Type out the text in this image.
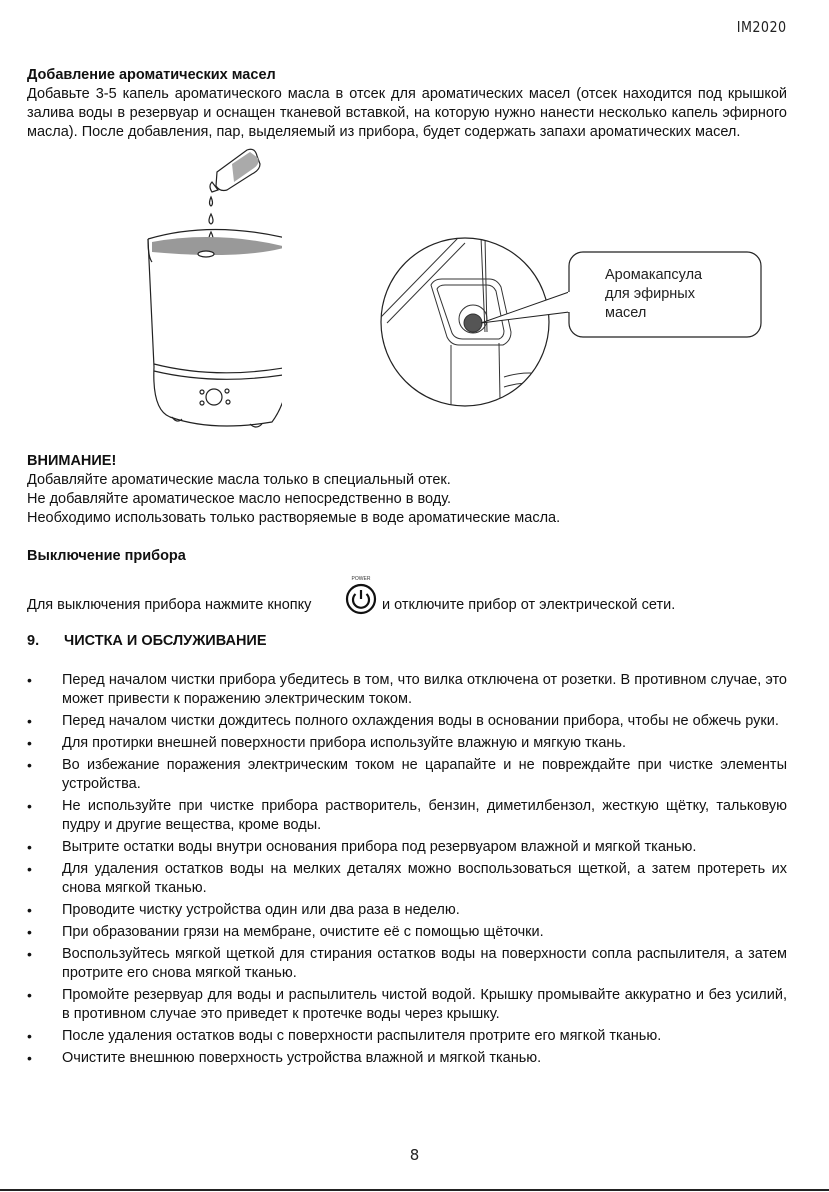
IM2020
Добавление ароматических масел
Добавьте 3-5 капель ароматического масла в отсек для ароматических масел (отсек находится под крышкой залива воды в резервуар и оснащен тканевой вставкой, на которую нужно нанести несколько капель эфирного масла). После добавления, пар, выделяемый из прибора, будет содержать запахи ароматических масел.
Аромакапсула
для эфирных
масел
ВНИМАНИЕ!
Добавляйте ароматические масла только в специальный отек.
Не добавляйте ароматическое масло непосредственно в воду.
Необходимо использовать только растворяемые в воде ароматические масла.
Выключение прибора
Для выключения прибора нажмите кнопку
POWER
и отключите прибор от электрической сети.
9.	ЧИСТКА И ОБСЛУЖИВАНИЕ
• Перед началом чистки прибора убедитесь в том, что вилка отключена от розетки. В противном случае, это может привести к поражению электрическим током.
• Перед началом чистки дождитесь полного охлаждения воды в основании прибора, чтобы не обжечь руки.
• Для протирки внешней поверхности прибора используйте влажную и мягкую ткань.
• Во избежание поражения электрическим током не царапайте и не повреждайте при чистке элементы устройства.
• Не используйте при чистке прибора растворитель, бензин, диметилбензол, жесткую щётку, тальковую пудру и другие вещества, кроме воды.
• Вытрите остатки воды внутри основания прибора под резервуаром влажной и мягкой тканью.
• Для удаления остатков воды на мелких деталях можно воспользоваться щеткой, а затем протереть их снова мягкой тканью.
• Проводите чистку устройства один или два раза в неделю.
• При образовании грязи на мембране, очистите её с помощью щёточки.
• Воспользуйтесь мягкой щеткой для стирания остатков воды на поверхности сопла распылителя, а затем протрите его снова мягкой тканью.
• Промойте резервуар для воды и распылитель чистой водой. Крышку промывайте аккуратно и без усилий, в противном случае это приведет к протечке воды через крышку.
• После удаления остатков воды с поверхности распылителя протрите его мягкой тканью.
• Очистите внешнюю поверхность устройства влажной и мягкой тканью.
8
